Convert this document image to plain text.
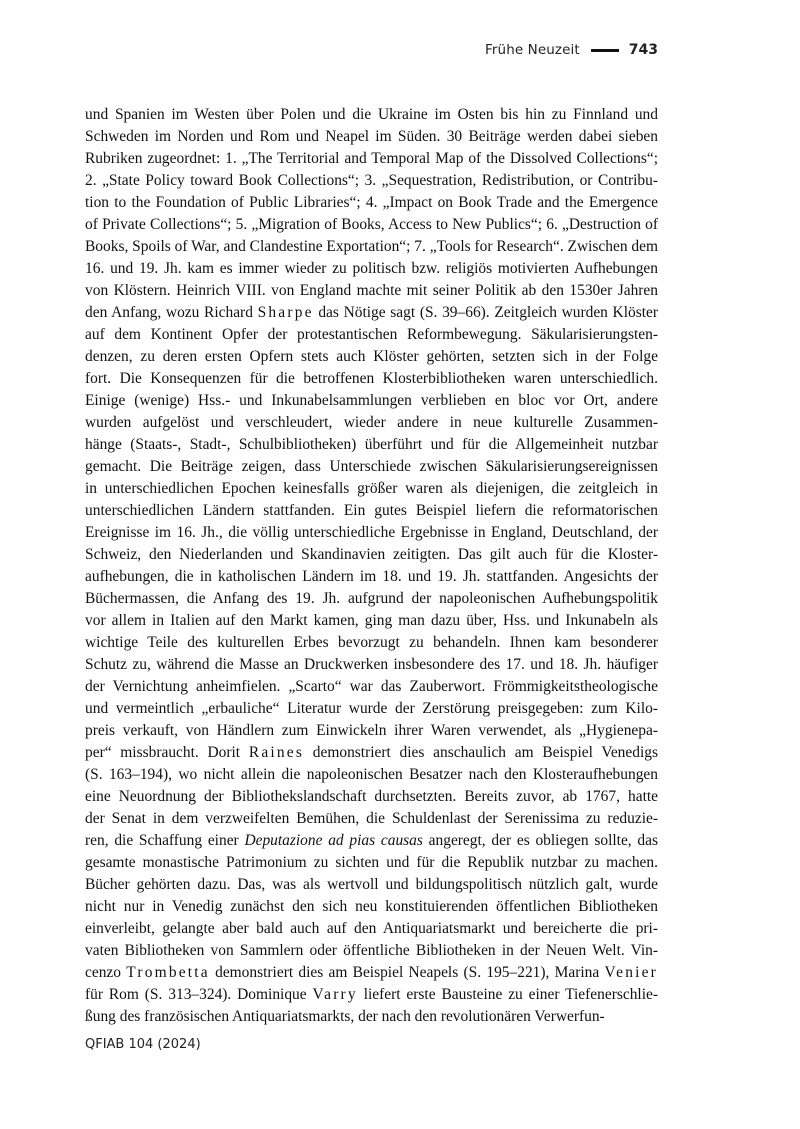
Frühe Neuzeit	743
und Spanien im Westen über Polen und die Ukraine im Osten bis hin zu Finnland und
Schweden im Norden und Rom und Neapel im Süden. 30 Beiträge werden dabei sieben
Rubriken zugeordnet: 1. „The Territorial and Temporal Map of the Dissolved Collections“;
2. „State Policy toward Book Collections“; 3. „Sequestration, Redistribution, or Contribu-
tion to the Foundation of Public Libraries“; 4. „Impact on Book Trade and the Emergence
of Private Collections“; 5. „Migration of Books, Access to New Publics“; 6. „Destruction of
Books, Spoils of War, and Clandestine Exportation“; 7. „Tools for Research“. Zwischen dem
16. und 19. Jh. kam es immer wieder zu politisch bzw. religiös motivierten Aufhebungen
von Klöstern. Heinrich VIII. von England machte mit seiner Politik ab den 1530er Jahren
den Anfang, wozu Richard Sharpe das Nötige sagt (S. 39–66). Zeitgleich wurden Klöster
auf dem Kontinent Opfer der protestantischen Reformbewegung. Säkularisierungsten-
denzen, zu deren ersten Opfern stets auch Klöster gehörten, setzten sich in der Folge
fort. Die Konsequenzen für die betroffenen Klosterbibliotheken waren unterschiedlich.
Einige (wenige) Hss.- und Inkunabelsammlungen verblieben en bloc vor Ort, andere
wurden aufgelöst und verschleudert, wieder andere in neue kulturelle Zusammen-
hänge (Staats-, Stadt-, Schulbibliotheken) überführt und für die Allgemeinheit nutzbar
gemacht. Die Beiträge zeigen, dass Unterschiede zwischen Säkularisierungsereignissen
in unterschiedlichen Epochen keinesfalls größer waren als diejenigen, die zeitgleich in
unterschiedlichen Ländern stattfanden. Ein gutes Beispiel liefern die reformatorischen
Ereignisse im 16. Jh., die völlig unterschiedliche Ergebnisse in England, Deutschland, der
Schweiz, den Niederlanden und Skandinavien zeitigten. Das gilt auch für die Kloster-
aufhebungen, die in katholischen Ländern im 18. und 19. Jh. stattfanden. Angesichts der
Büchermassen, die Anfang des 19. Jh. aufgrund der napoleonischen Aufhebungspolitik
vor allem in Italien auf den Markt kamen, ging man dazu über, Hss. und Inkunabeln als
wichtige Teile des kulturellen Erbes bevorzugt zu behandeln. Ihnen kam besonderer
Schutz zu, während die Masse an Druckwerken insbesondere des 17. und 18. Jh. häufiger
der Vernichtung anheimfielen. „Scarto“ war das Zauberwort. Frömmigkeitstheologische
und vermeintlich „erbauliche“ Literatur wurde der Zerstörung preisgegeben: zum Kilo-
preis verkauft, von Händlern zum Einwickeln ihrer Waren verwendet, als „Hygienepa-
per“ missbraucht. Dorit Raines demonstriert dies anschaulich am Beispiel Venedigs
(S. 163–194), wo nicht allein die napoleonischen Besatzer nach den Klosteraufhebungen
eine Neuordnung der Bibliothekslandschaft durchsetzten. Bereits zuvor, ab 1767, hatte
der Senat in dem verzweifelten Bemühen, die Schuldenlast der Serenissima zu reduzie-
ren, die Schaffung einer Deputazione ad pias causas angeregt, der es obliegen sollte, das
gesamte monastische Patrimonium zu sichten und für die Republik nutzbar zu machen.
Bücher gehörten dazu. Das, was als wertvoll und bildungspolitisch nützlich galt, wurde
nicht nur in Venedig zunächst den sich neu konstituierenden öffentlichen Bibliotheken
einverleibt, gelangte aber bald auch auf den Antiquariatsmarkt und bereicherte die pri-
vaten Bibliotheken von Sammlern oder öffentliche Bibliotheken in der Neuen Welt. Vin-
cenzo Trombetta demonstriert dies am Beispiel Neapels (S. 195–221), Marina Venier
für Rom (S. 313–324). Dominique Varry liefert erste Bausteine zu einer Tiefenerschlie-
ßung des französischen Antiquariatsmarkts, der nach den revolutionären Verwerfun-
QFIAB 104 (2024)
